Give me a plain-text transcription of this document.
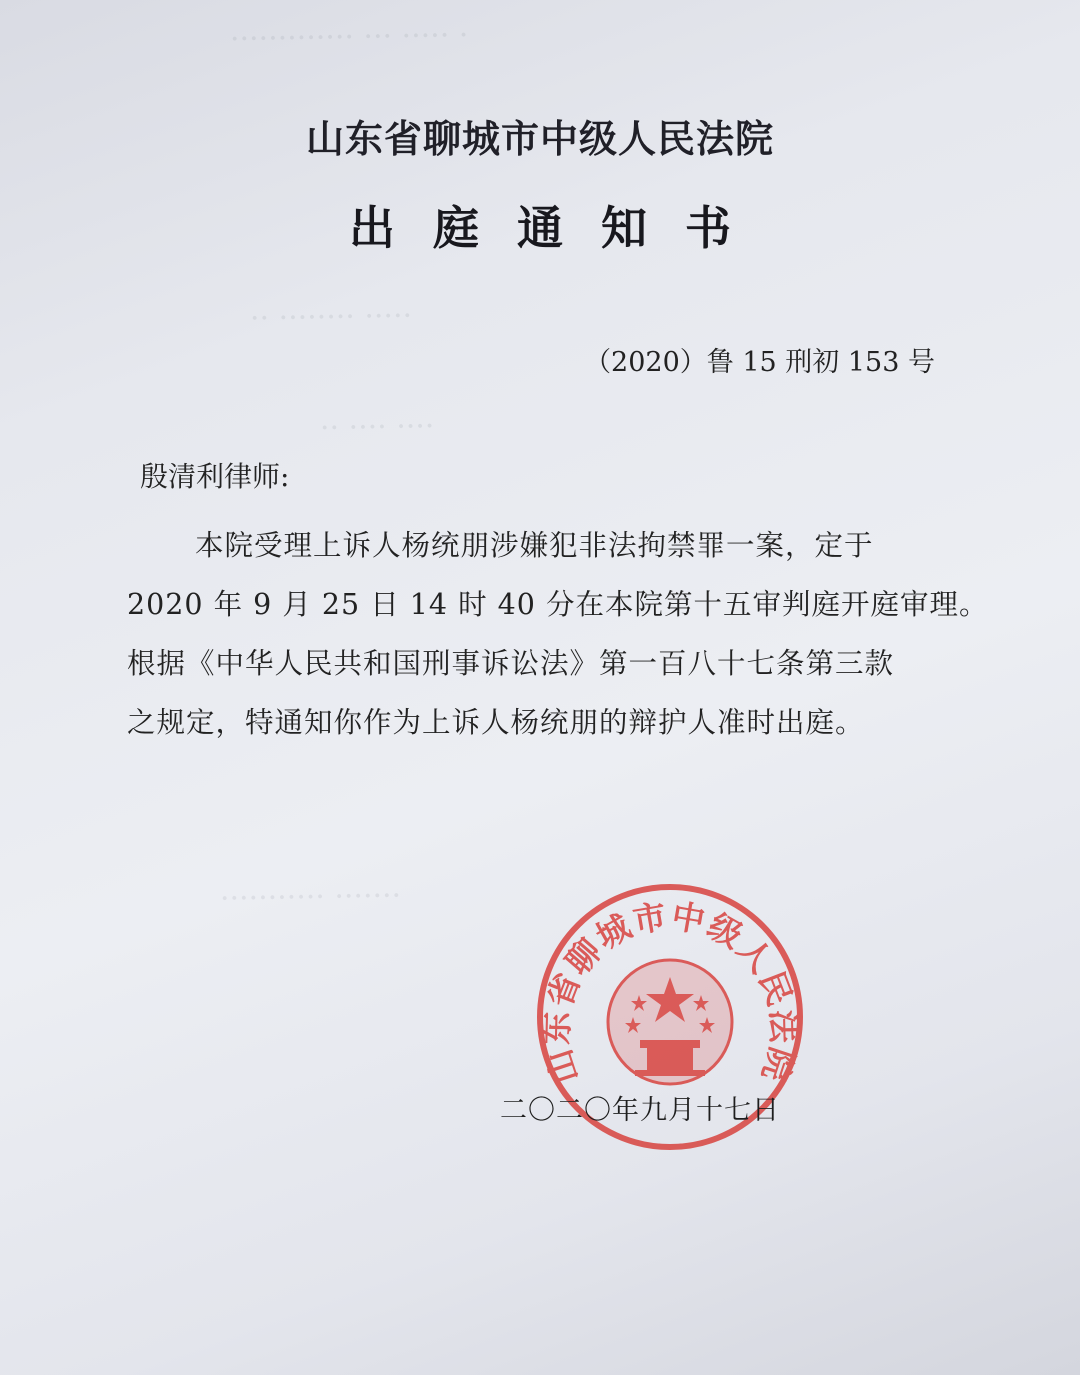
············· ··· ····· ·
·· ········ ·····
·· ···· ····
··········· ·······
山东省聊城市中级人民法院
出庭通知书
（2020）鲁 15 刑初 153 号
殷清利律师:

本院受理上诉人杨统朋涉嫌犯非法拘禁罪一案，定于

2020 年 9 月 25 日 14 时 40 分在本院第十五审判庭开庭审理。

根据《中华人民共和国刑事诉讼法》第一百八十七条第三款

之规定，特通知你作为上诉人杨统朋的辩护人准时出庭。

山东省聊城市中级人民法院
二〇二〇年九月十七日
